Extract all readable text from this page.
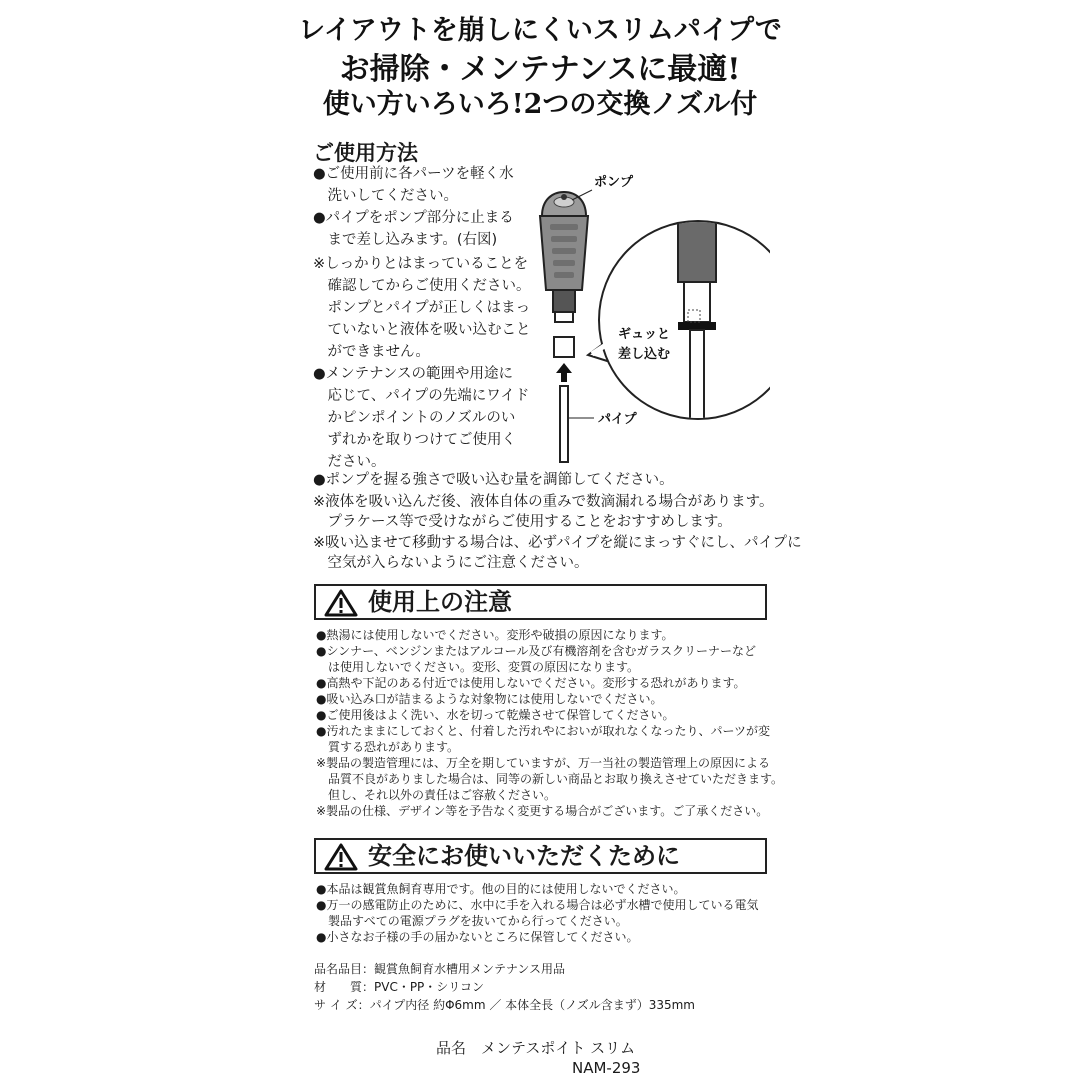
レイアウトを崩しにくいスリムパイプで
お掃除・メンテナンスに最適!
使い方いろいろ!2つの交換ノズル付
ご使用方法
●ご使用前に各パーツを軽く水
　洗いしてください。
●パイプをポンプ部分に止まる
　まで差し込みます。(右図)
※しっかりとはまっていることを
　確認してからご使用ください。
　ポンプとパイプが正しくはまっ
　ていないと液体を吸い込むこと
　ができません。
●メンテナンスの範囲や用途に
　応じて、パイプの先端にワイド
　かピンポイントのノズルのい
　ずれかを取りつけてご使用く
　ださい。
●ポンプを握る強さで吸い込む量を調節してください。
※液体を吸い込んだ後、液体自体の重みで数滴漏れる場合があります。
　プラケース等で受けながらご使用することをおすすめします。
※吸い込ませて移動する場合は、必ずパイプを縦にまっすぐにし、パイプに
　空気が入らないようにご注意ください。
パイプ
ポンプ
ギュッと
差し込む
使用上の注意
●熱湯には使用しないでください。変形や破損の原因になります。
●シンナー、ベンジンまたはアルコール及び有機溶剤を含むガラスクリーナーなど
　は使用しないでください。変形、変質の原因になります。
●高熱や下記のある付近では使用しないでください。変形する恐れがあります。
●吸い込み口が詰まるような対象物には使用しないでください。
●ご使用後はよく洗い、水を切って乾燥させて保管してください。
●汚れたままにしておくと、付着した汚れやにおいが取れなくなったり、パーツが変
　質する恐れがあります。
※製品の製造管理には、万全を期していますが、万一当社の製造管理上の原因による
　品質不良がありました場合は、同等の新しい商品とお取り換えさせていただきます。
　但し、それ以外の責任はご容赦ください。
※製品の仕様、デザイン等を予告なく変更する場合がございます。ご了承ください。
安全にお使いいただくために
●本品は観賞魚飼育専用です。他の目的には使用しないでください。
●万一の感電防止のために、水中に手を入れる場合は必ず水槽で使用している電気
　製品すべての電源プラグを抜いてから行ってください。
●小さなお子様の手の届かないところに保管してください。
品名品目：観賞魚飼育水槽用メンテナンス用品
材　　質：PVC・PP・シリコン
サ イ ズ：パイプ内径 約Φ6mm ／ 本体全長（ノズル含まず）335mm
品名　メンテスポイト スリム
NAM-293
